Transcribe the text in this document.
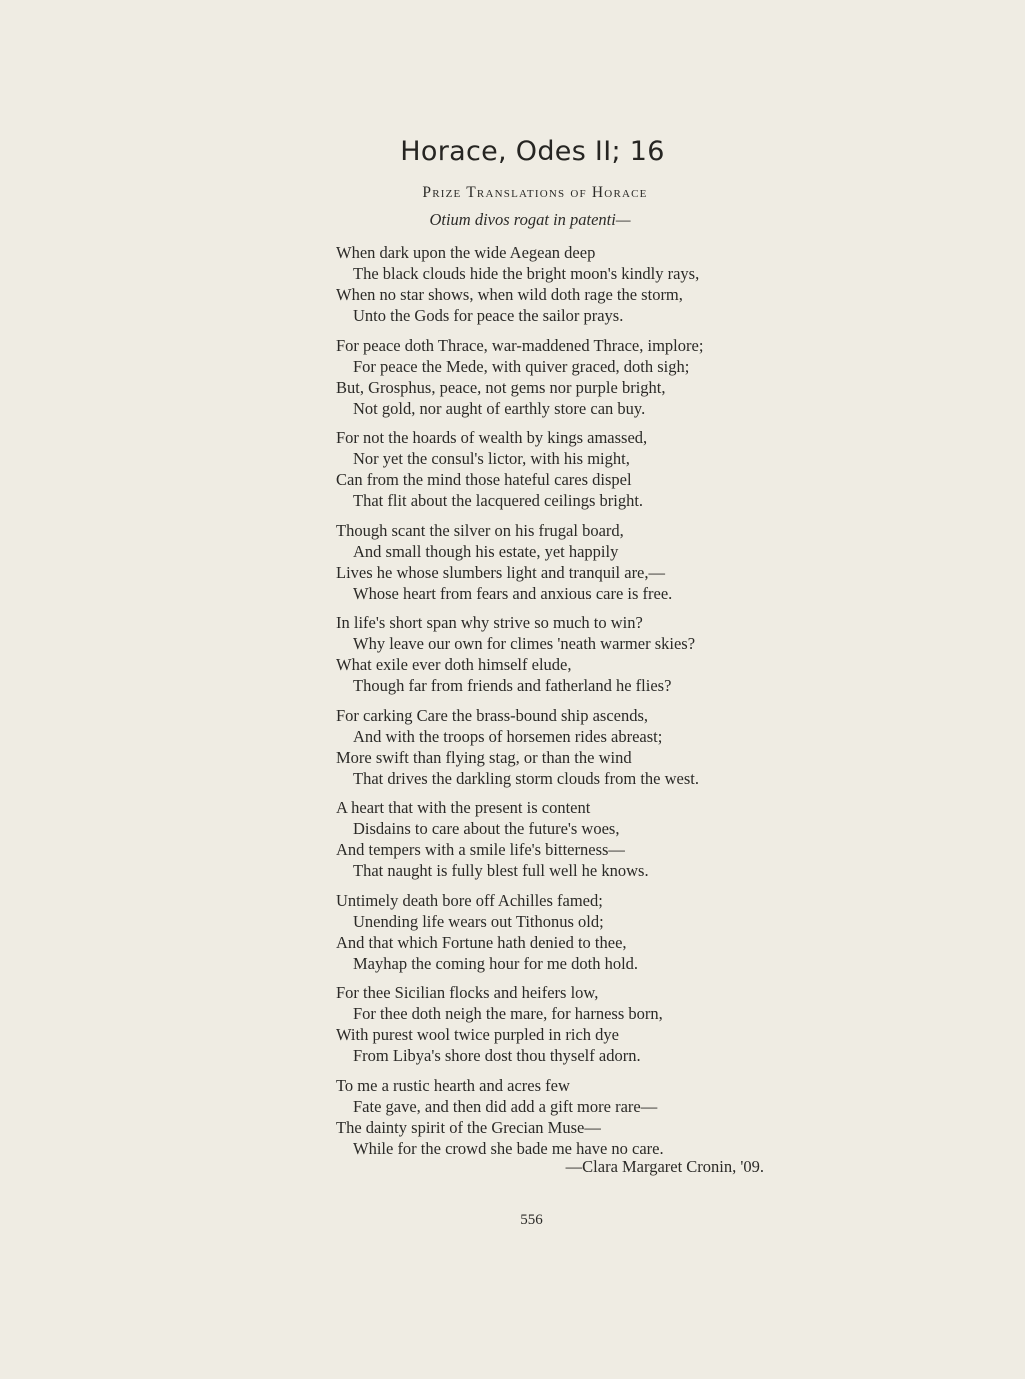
Horace, Odes II; 16

Prize Translations of Horace

Otium divos rogat in patenti—

When dark upon the wide Aegean deep
The black clouds hide the bright moon's kindly rays,
When no star shows, when wild doth rage the storm,
Unto the Gods for peace the sailor prays.
For peace doth Thrace, war-maddened Thrace, implore;
For peace the Mede, with quiver graced, doth sigh;
But, Grosphus, peace, not gems nor purple bright,
Not gold, nor aught of earthly store can buy.
For not the hoards of wealth by kings amassed,
Nor yet the consul's lictor, with his might,
Can from the mind those hateful cares dispel
That flit about the lacquered ceilings bright.
Though scant the silver on his frugal board,
And small though his estate, yet happily
Lives he whose slumbers light and tranquil are,—
Whose heart from fears and anxious care is free.
In life's short span why strive so much to win?
Why leave our own for climes 'neath warmer skies?
What exile ever doth himself elude,
Though far from friends and fatherland he flies?
For carking Care the brass-bound ship ascends,
And with the troops of horsemen rides abreast;
More swift than flying stag, or than the wind
That drives the darkling storm clouds from the west.
A heart that with the present is content
Disdains to care about the future's woes,
And tempers with a smile life's bitterness—
That naught is fully blest full well he knows.
Untimely death bore off Achilles famed;
Unending life wears out Tithonus old;
And that which Fortune hath denied to thee,
Mayhap the coming hour for me doth hold.
For thee Sicilian flocks and heifers low,
For thee doth neigh the mare, for harness born,
With purest wool twice purpled in rich dye
From Libya's shore dost thou thyself adorn.
To me a rustic hearth and acres few
Fate gave, and then did add a gift more rare—
The dainty spirit of the Grecian Muse—
While for the crowd she bade me have no care.

—Clara Margaret Cronin, '09.

556
